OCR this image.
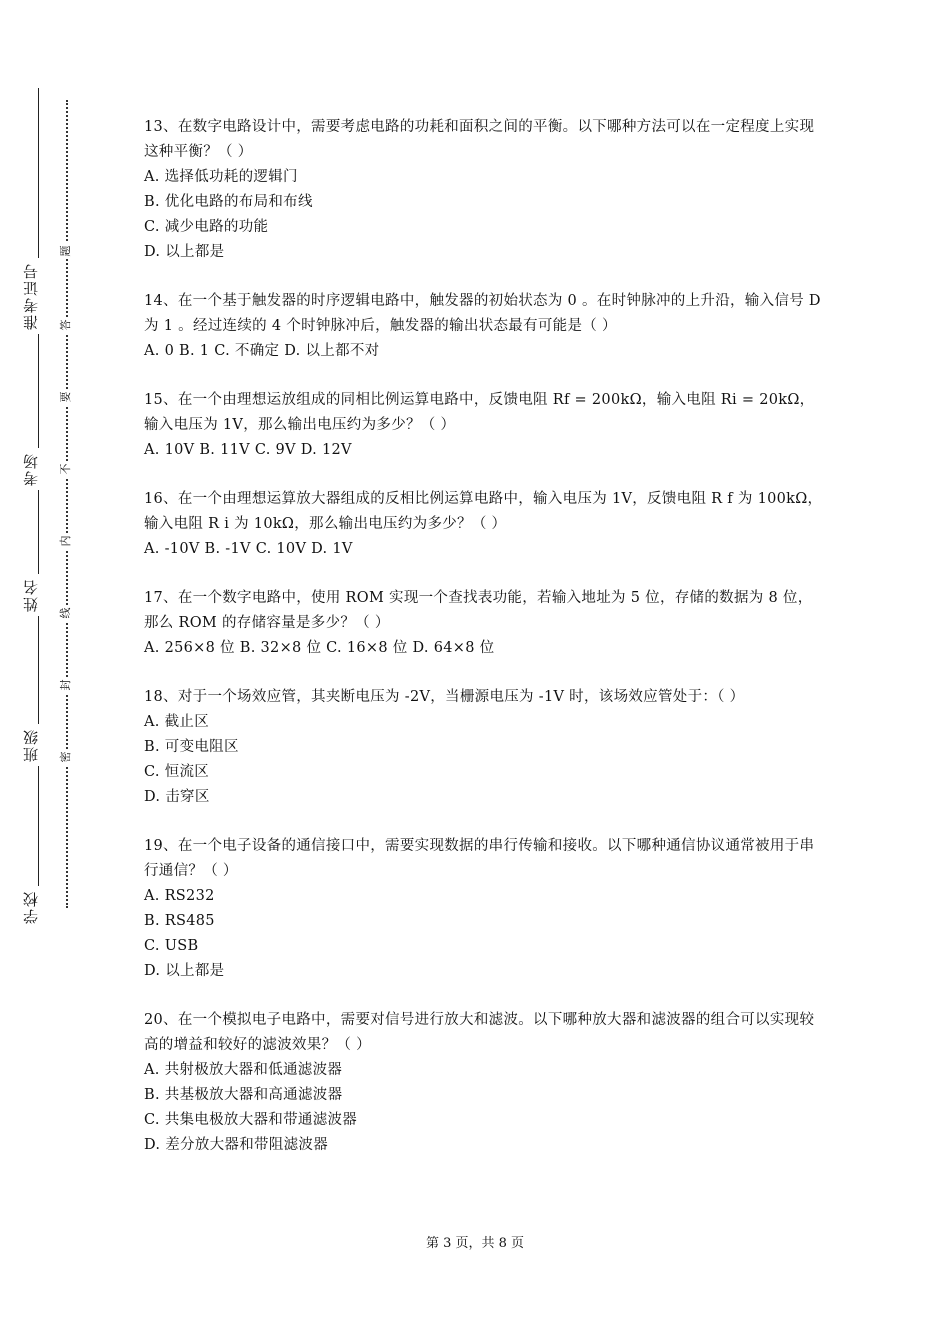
准考证号
考场
姓名
班级
学校
题
答
要
不
内
线
封
密

13、在数字电路设计中，需要考虑电路的功耗和面积之间的平衡。以下哪种方法可以在一定程度上实现这种平衡？（ ）

A. 选择低功耗的逻辑门

B. 优化电路的布局和布线

C. 减少电路的功能

D. 以上都是

14、在一个基于触发器的时序逻辑电路中，触发器的初始状态为 0 。在时钟脉冲的上升沿，输入信号 D 为 1 。经过连续的 4 个时钟脉冲后，触发器的输出状态最有可能是（ ）

A. 0 B. 1 C. 不确定 D. 以上都不对

15、在一个由理想运放组成的同相比例运算电路中，反馈电阻 Rf = 200kΩ，输入电阻 Ri = 20kΩ，输入电压为 1V，那么输出电压约为多少？（ ）

A. 10V B. 11V C. 9V D. 12V

16、在一个由理想运算放大器组成的反相比例运算电路中，输入电压为 1V，反馈电阻 R f 为 100kΩ，输入电阻 R i 为 10kΩ，那么输出电压约为多少？（ ）

A. -10V B. -1V C. 10V D. 1V

17、在一个数字电路中，使用 ROM 实现一个查找表功能，若输入地址为 5 位，存储的数据为 8 位，那么 ROM 的存储容量是多少？（ ）

A. 256×8 位 B. 32×8 位 C. 16×8 位 D. 64×8 位

18、对于一个场效应管，其夹断电压为 -2V，当栅源电压为 -1V 时，该场效应管处于：（ ）

A. 截止区

B. 可变电阻区

C. 恒流区

D. 击穿区

19、在一个电子设备的通信接口中，需要实现数据的串行传输和接收。以下哪种通信协议通常被用于串行通信？（ ）

A. RS232

B. RS485

C. USB

D. 以上都是

20、在一个模拟电子电路中，需要对信号进行放大和滤波。以下哪种放大器和滤波器的组合可以实现较高的增益和较好的滤波效果？（ ）

A. 共射极放大器和低通滤波器

B. 共基极放大器和高通滤波器

C. 共集电极放大器和带通滤波器

D. 差分放大器和带阻滤波器

第 3 页，共 8 页
